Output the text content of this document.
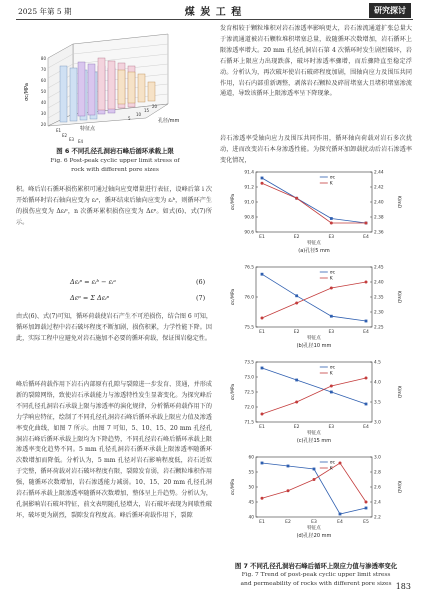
2025 年第 5 期	煤 炭 工 程	研究探讨
80
70
60
50
40
30
20
σc/MPa
E1
E2
E3 E4
特征点
5
10
15
20
孔径/mm
图 6 不同孔径孔洞岩石峰后循环承载上限
Fig. 6 Post-peak cyclic upper limit stress of
rock with different pore sizes
积。峰后岩石循环损伤累积可通过轴向应变增量进行表征，设峰后第 i 次开始循环时岩石轴向应变为 εᵢᵃ，循环结束后轴向应变为 εᵢᵇ，则循环产生的损伤应变为 Δεᵢᵖ，n 次循环累积损伤应变为 Δεᵖ。如式(6)、式(7)所示。
Δεᵢᵖ = εᵢᵇ − εᵢᵃ	(6)
Δεᵖ = Σ Δεᵢᵖ	(7)
由式(6)、式(7)可知，循环荷载使岩石产生不可逆损伤，结合图 6 可知，循环加卸载过程中岩石破坏程度不断加剧，损伤积累，力学性能下降。因此，实际工程中应避免对岩石施加不必要的循环荷载，保证围岩稳定性。
峰后循环荷载作用下岩石内部原有孔隙与裂隙进一步发育、贯通，并形成新的裂隙网络，致使岩石承载能力与渗透特性发生显著变化。为探究峰后不同孔径孔洞岩石承载上限与渗透率的演化规律，分析循环荷载作用下的力学响应特征，绘制了不同孔径孔洞岩石峰后循环承载上限应力值及渗透率变化曲线，如图 7 所示。由图 7 可知，5、10、15、20 mm 孔径孔洞岩石峰后循环承载上限均为下降趋势，不同孔径岩石峰后循环承载上限渗透率变化趋势不同。5 mm 孔径孔洞岩石循环承载上限渗透率随循环次数增加而降低。分析认为，5 mm 孔径对岩石影响程度低，岩石近似于完整，循环荷载对岩石破坏程度有限，裂隙发育弱，岩石颗粒堆积作用强，随循环次数增加，岩石渗透能力减弱。10、15、20 mm 孔径孔洞岩石循环承载上限渗透率随循环次数增加，整体呈上升趋势。分析认为，孔洞影响岩石破坏特征，前文表明随孔径增大，岩石破坏表现为间歇性破坏，破坏更为剧烈，裂隙发育程度高。峰后循环荷载作用下，裂隙
发育相较于颗粒堆积对岩石渗透率影响更大，岩石渗流通道扩张总量大于渗流通道被岩石颗粒堆积堵塞总量，故随循环次数增加，岩石循环上限渗透率增大。20 mm 孔径孔洞岩石第 4 次循环时发生剧烈破坏，岩石循环上限应力出现跌落，破坏时渗透率骤增，而后骤降直至稳定浮动。分析认为，再次破坏使岩石破碎程度加剧，围轴向应力及围压共同作用，岩石内部重新调整，剥落岩石颗粒及碎屑堵塞大且堵积堵塞渗流通道，导致该循环上限渗透率呈下降现象。
岩石渗透率受轴向应力及围压共同作用，循环轴向荷载对岩石多次扰动，进而改变岩石本身渗透性能。为探究循环加卸载扰动后岩石渗透率变化情况，
91.4
91.2
91.0
90.8
90.6
2.44
2.42
2.40
2.38
2.36
E1	E2	E3	E4
特征点
σc/MPa	K/mD
σc
K
(a)孔径5 mm
76.5
76.0
75.5
2.45
2.40
2.35
2.30
2.25
E1	E2	E3	E4
特征点
σc/MPa	K/mD
σc
K
(b)孔径10 mm
73.5
73.0
72.5
72.0
71.5
4.5
4.0
3.5
3.0
E1	E2	E3	E4
特征点
σc/MPa	K/mD
σc
K
(c)孔径15 mm
60
55
50
45
40
3.0
2.8
2.6
2.4
2.2
E1	E2	E3	E4	E5
特征点
σc/MPa	K/mD
σc
K
(d)孔径20 mm
图 7 不同孔径孔洞岩石峰后循环上限应力值与渗透率变化
Fig. 7 Trend of post-peak cyclic upper limit stress
and permeability of rocks with different pore sizes 183
